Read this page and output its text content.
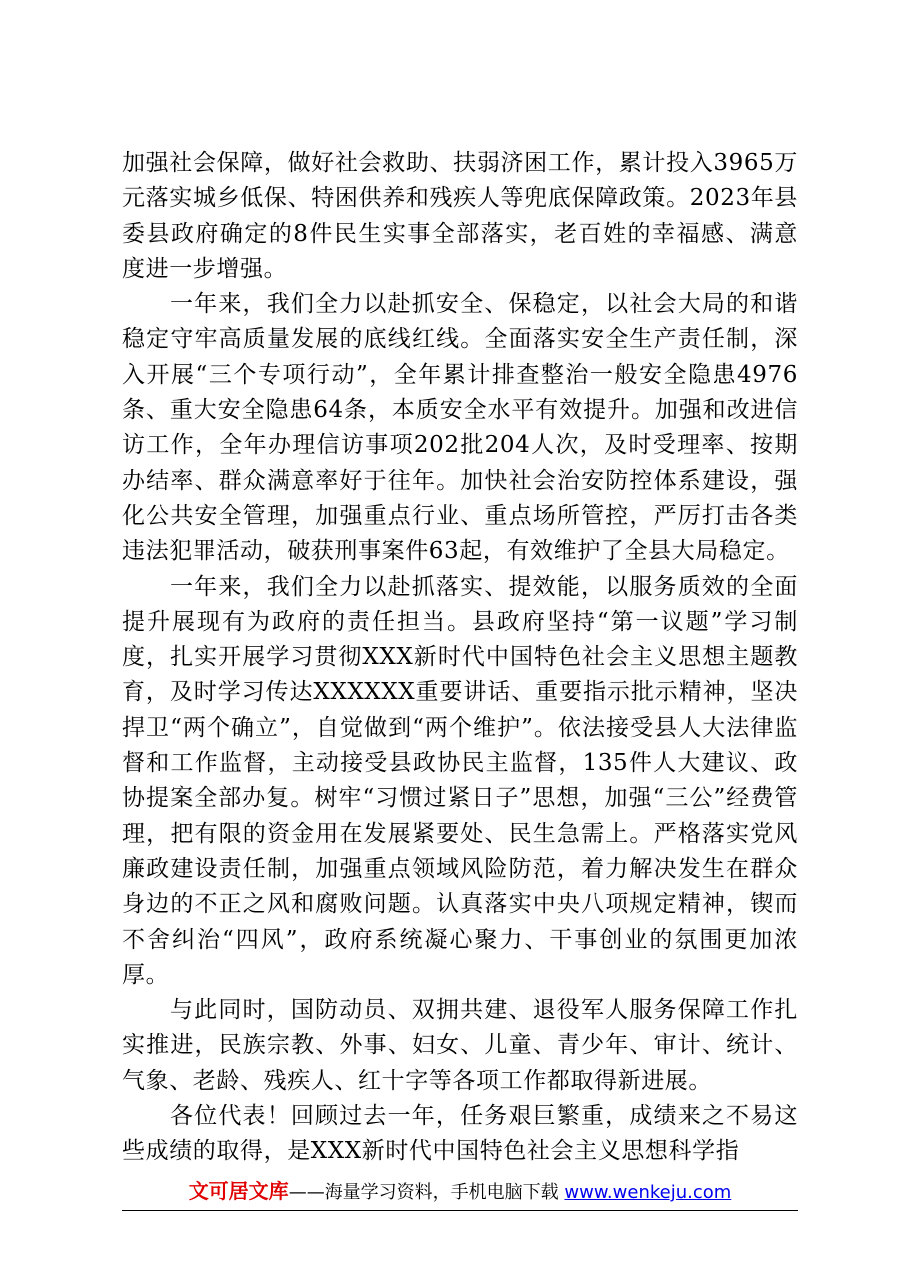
加强社会保障，做好社会救助、扶弱济困工作，累计投入3965万元落实城乡低保、特困供养和残疾人等兜底保障政策。2023年县委县政府确定的8件民生实事全部落实，老百姓的幸福感、满意度进一步增强。

一年来，我们全力以赴抓安全、保稳定，以社会大局的和谐稳定守牢高质量发展的底线红线。全面落实安全生产责任制，深入开展“三个专项行动”，全年累计排查整治一般安全隐患4976条、重大安全隐患64条，本质安全水平有效提升。加强和改进信访工作，全年办理信访事项202批204人次，及时受理率、按期办结率、群众满意率好于往年。加快社会治安防控体系建设，强化公共安全管理，加强重点行业、重点场所管控，严厉打击各类违法犯罪活动，破获刑事案件63起，有效维护了全县大局稳定。

一年来，我们全力以赴抓落实、提效能，以服务质效的全面提升展现有为政府的责任担当。县政府坚持“第一议题”学习制度，扎实开展学习贯彻XXX新时代中国特色社会主义思想主题教育，及时学习传达XXXXXX重要讲话、重要指示批示精神，坚决捍卫“两个确立”，自觉做到“两个维护”。依法接受县人大法律监督和工作监督，主动接受县政协民主监督，135件人大建议、政协提案全部办复。树牢“习惯过紧日子”思想，加强“三公”经费管理，把有限的资金用在发展紧要处、民生急需上。严格落实党风廉政建设责任制，加强重点领域风险防范，着力解决发生在群众身边的不正之风和腐败问题。认真落实中央八项规定精神，锲而不舍纠治“四风”，政府系统凝心聚力、干事创业的氛围更加浓厚。

与此同时，国防动员、双拥共建、退役军人服务保障工作扎实推进，民族宗教、外事、妇女、儿童、青少年、审计、统计、气象、老龄、残疾人、红十字等各项工作都取得新进展。

各位代表！回顾过去一年，任务艰巨繁重，成绩来之不易这些成绩的取得，是XXX新时代中国特色社会主义思想科学指

文可居文库——海量学习资料，手机电脑下载 www.wenkeju.com
